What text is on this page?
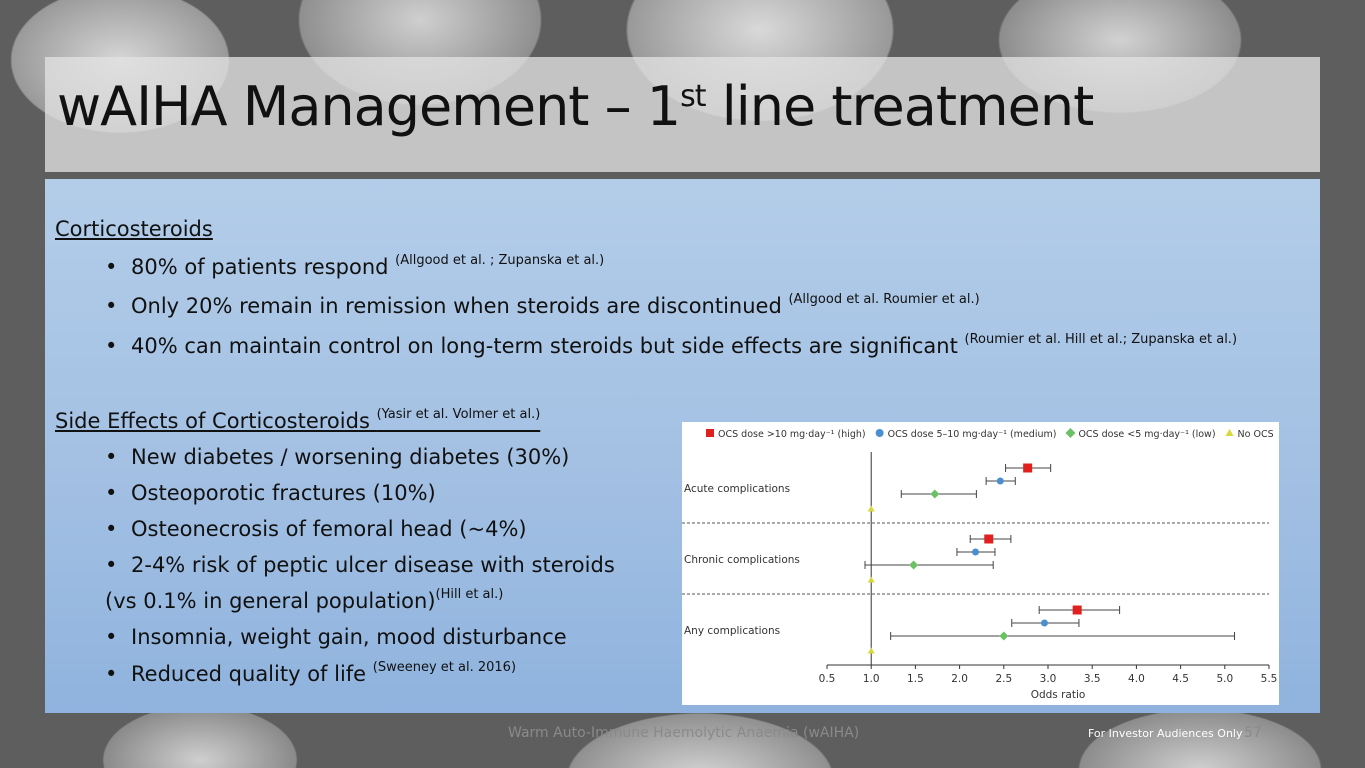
wAIHA Management – 1st line treatment
Corticosteroids
• 80% of patients respond $^{(Allgood et al. ; Zupanska et al.)}$
• Only 20% remain in remission when steroids are discontinued $^{(Allgood et al. Roumier et al.)}$
• 40% can maintain control on long-term steroids but side effects are significant $^{(Roumier et al. Hill et al.; Zupanska et al.)}$
Side Effects of Corticosteroids $^{(Yasir et al. Volmer et al.)}$
• New diabetes / worsening diabetes (30%)
• Osteoporotic fractures (10%)
• Osteonecrosis of femoral head (~4%)
• 2-4% risk of peptic ulcer disease with steroids
(vs 0.1% in general population)$^{(Hill et al.)}$
• Insomnia, weight gain, mood disturbance
• Reduced quality of life $^{(Sweeney et al. 2016)}$
OCS dose >10 mg·day⁻¹ (high) OCS dose 5–10 mg·day⁻¹ (medium) OCS dose <5 mg·day⁻¹ (low) No OCS
Acute complications
Chronic complications
Any complications
0.5	1.0	1.5	2.0	2.5	3.0	3.5	4.0	4.5	5.0	5.5
Odds ratio
Warm Auto-Immune Haemolytic Anaemia (wAIHA)	For Investor Audiences Only 57
